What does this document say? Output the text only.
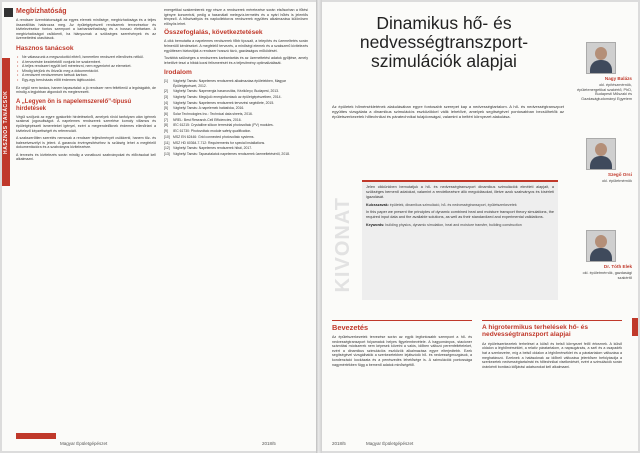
HASZNOS TANÁCSOK
Megbízhatóság

A rendszer üzembiztonságát az egyes elemek minősége, megbízhatósága és a teljes összeállítás határozza meg. Az épületgépészeti rendszerek tervezésekor és kivitelezésekor fontos szempont a karbantarthatóság és a hosszú élettartam. A megbízhatóságot csökkenti, ha hiányoznak a szükséges szerelvények és az üzemeltetési utasítások.

Hasznos tanácsok

• Ne válasszunk a megszokottól eltérő, ismeretlen rendszert ellenőrzés nélkül.

• A tervezésbe kezdetektől vonjunk be szakembert.

• A teljes rendszert együtt kell méretezni, nem egyenként az elemeket.

• Mindig kérjünk és őrizzük meg a dokumentációt.

• A rendszert rendszeresen tartsuk karban.

• Egy-egy beruházás előtt érdemes tájékozódni.

Ez végül nem tanács, hanem tapasztalat: a jó rendszer nem feltétlenül a legdrágább, de mindig a legjobban átgondolt és megtervezett.

A „Legyen ön is napelemszerelő”-típusú hirdetések

Végül szóljunk az egyre gyakoribb hirdetésekről, amelyek rövid tanfolyam után ígérnek szakmai jogosultságot. A napelemes rendszerek szerelése komoly villamos és épületgépészeti ismereteket igényel, ezért a megrendelőknek érdemes ellenőrizni a kivitelező képzettségét és referenciáit.

A szakszerűtlen szerelés nemcsak a rendszer teljesítményét csökkenti, hanem tűz- és balesetveszélyt is jelent. A garancia érvényesítéséhez is szükség lehet a megfelelő dokumentációra és a szabványos kivitelezésre.

A tervezés és kivitelezés során mindig a vonatkozó szabványokat és előírásokat kell alkalmazni.

energetikai szakemberek egy része a rendszerek méretezése során elsősorban a fűtési igényre koncentrál, pedig a használati melegvíz-termelés és a nyári hűtés is jelentős tényező. A hőszivattyús és napkollektoros rendszerek együttes alkalmazása különösen előnyös lehet.

Összefoglalás, következtetések

A cikk bemutatta a napelemes rendszerek főbb típusait, a telepítés és üzemeltetés során felmerülő kérdéseket. A megfelelő tervezés, a minőségi elemek és a szakszerű kivitelezés együttesen biztosítják a rendszer hosszú távú, gazdaságos működését.

Továbbá szükséges a rendszeres karbantartás és az üzemeltetési adatok gyűjtése, amely lehetővé teszi a hibák korai felismerését és a teljesítmény optimalizálását.

Irodalom

[1] Vághelyi Tamás: Napelemes rendszerek alkalmazása épületekben, Magyar Épületgépészet, 2012.

[2] Vághelyi Tamás: Napenergia hasznosítás, Kézikönyv, Budapest, 2013.

[3] Vághelyi Tamás: Megújuló energiaforrások az épületgépészetben, 2014.

[4] Vághelyi Tamás: Napelemes rendszerek tervezési segédlete, 2015.

[5] Vághelyi Tamás: A napelemek hatásfoka, 2016.

[6] Solar Technologies Inc.: Technical data sheets, 2016.

[7] NREL: Best Research-Cell Efficiencies, 2016.

[8] IEC 61215: Crystalline silicon terrestrial photovoltaic (PV) modules.

[9] IEC 61730: Photovoltaic module safety qualification.

[10] MSZ EN 62446: Grid connected photovoltaic systems.

[11] MSZ HD 60364-7-712: Requirements for special installations.

[12] Vághelyi Tamás: Napelemes rendszerek hibái, 2017.

[13] Vághelyi Tamás: Tapasztalatok napelemes rendszerek üzemeltetéséről, 2018.

Magyar Épületgépészet	2018/5
Dinamikus hő- és
nedvességtranszport-
szimulációk alapjai

Az épületek hőmérsékletének alakulásában egyre fontosabb szerepet kap a nedvességtartalom. A hő- és nedvességtranszport együttes vizsgálata a dinamikus szimulációs eszközökkel válik lehetővé, amelyek segítségével pontosabban becsülhetők az épületszerkezetek hőtechnikai és páratechnikai tulajdonságai, valamint a beltéri környezet alakulása.

KIVONAT

Jelen cikkünkben bemutatjuk a hő- és nedvességtranszport dinamikus szimulációk elméleti alapjait, a szükséges bemenő adatokat, valamint a rendelkezésre álló megoldásokat, illetve azok szabványos és kísérleti igazolását.

Kulcsszavak: épületek, dinamikus szimuláció, hő- és nedvességtranszport, épületszerkezetek

In this paper we present the principles of dynamic combined heat and moisture transport theory simulations, the required input data and the available solutions, as well as their standardized and experimental validations.

Keywords: building physics, dynamic simulation, heat and moisture transfer, building construction

Nagy Balázs
okl. építészmérnök, épületenergetikai szakértő, PhD, Budapesti Műszaki és Gazdaságtudományi Egyetem
Szegő Orsi
okl. épületmérnök
Dr. Tóth Elek
okl. épületmérnök, gazdasági szakértő
Bevezetés

Az épületszerkezetek tervezése során az egyik legfontosabb szempont a hő- és nedvességtranszport folyamatok helyes figyelembevétele. A hagyományos, stacioner számítási módszerek nem képesek követni a valós, időben változó peremfeltételeket, ezért a dinamikus szimulációs eszközök alkalmazása egyre elterjedtebb. Ezek segítségével vizsgálhatók a szerkezetekben lejátszódó hő- és nedvességmozgások, a kondenzáció kockázata és a penészedés lehetősége is. A szimulációk pontossága nagymértékben függ a bemenő adatok minőségétől.

A higrotermikus terhelések hő- és nedvességtranszport alapjai

Az épületszerkezetek terhelései a külső és belső környezet felől érkeznek. A külső oldalon a léghőmérséklet, a relatív páratartalom, a napsugárzás, a szél és a csapadék hat a szerkezetre, míg a belső oldalon a léghőmérséklet és a páratartalom változása a meghatározó. Ezeknek a hatásoknak az időbeli változása jelentősen befolyásolja a szerkezetek nedvességtartalmát és hőtechnikai viselkedését, ezért a szimulációk során óránkénti bontású időjárási adatsorokat kell alkalmazni.

2018/5	Magyar Épületgépészet
